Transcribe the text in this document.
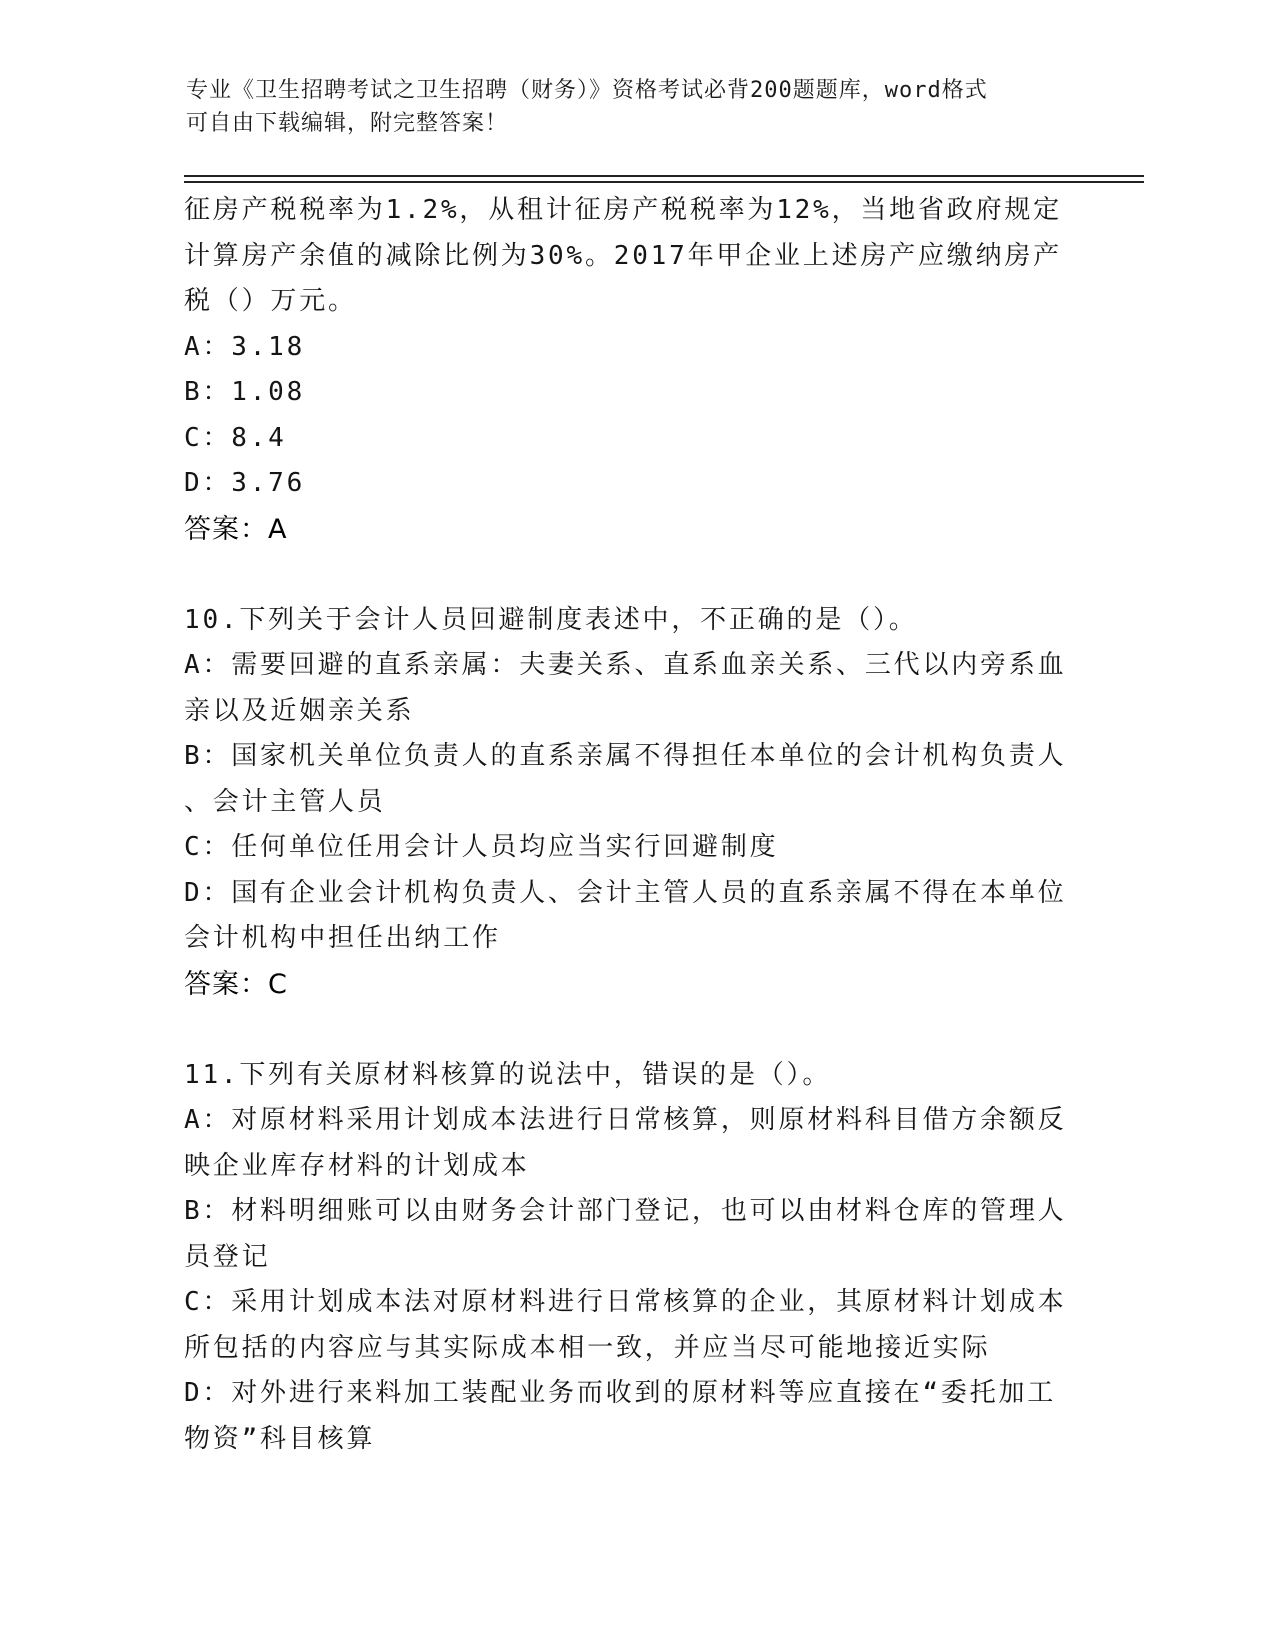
专业《卫生招聘考试之卫生招聘（财务）》资格考试必背200题题库，word格式
可自由下载编辑，附完整答案！
征房产税税率为1.2%，从租计征房产税税率为12%，当地省政府规定
计算房产余值的减除比例为30%。2017年甲企业上述房产应缴纳房产
税（）万元。
A：3.18
B：1.08
C：8.4
D：3.76
答案：A
10.下列关于会计人员回避制度表述中，不正确的是（）。
A：需要回避的直系亲属：夫妻关系、直系血亲关系、三代以内旁系血
亲以及近姻亲关系
B：国家机关单位负责人的直系亲属不得担任本单位的会计机构负责人
、会计主管人员
C：任何单位任用会计人员均应当实行回避制度
D：国有企业会计机构负责人、会计主管人员的直系亲属不得在本单位
会计机构中担任出纳工作
答案：C
11.下列有关原材料核算的说法中，错误的是（）。
A：对原材料采用计划成本法进行日常核算，则原材料科目借方余额反
映企业库存材料的计划成本
B：材料明细账可以由财务会计部门登记，也可以由材料仓库的管理人
员登记
C：采用计划成本法对原材料进行日常核算的企业，其原材料计划成本
所包括的内容应与其实际成本相一致，并应当尽可能地接近实际
D：对外进行来料加工装配业务而收到的原材料等应直接在“委托加工
物资”科目核算
